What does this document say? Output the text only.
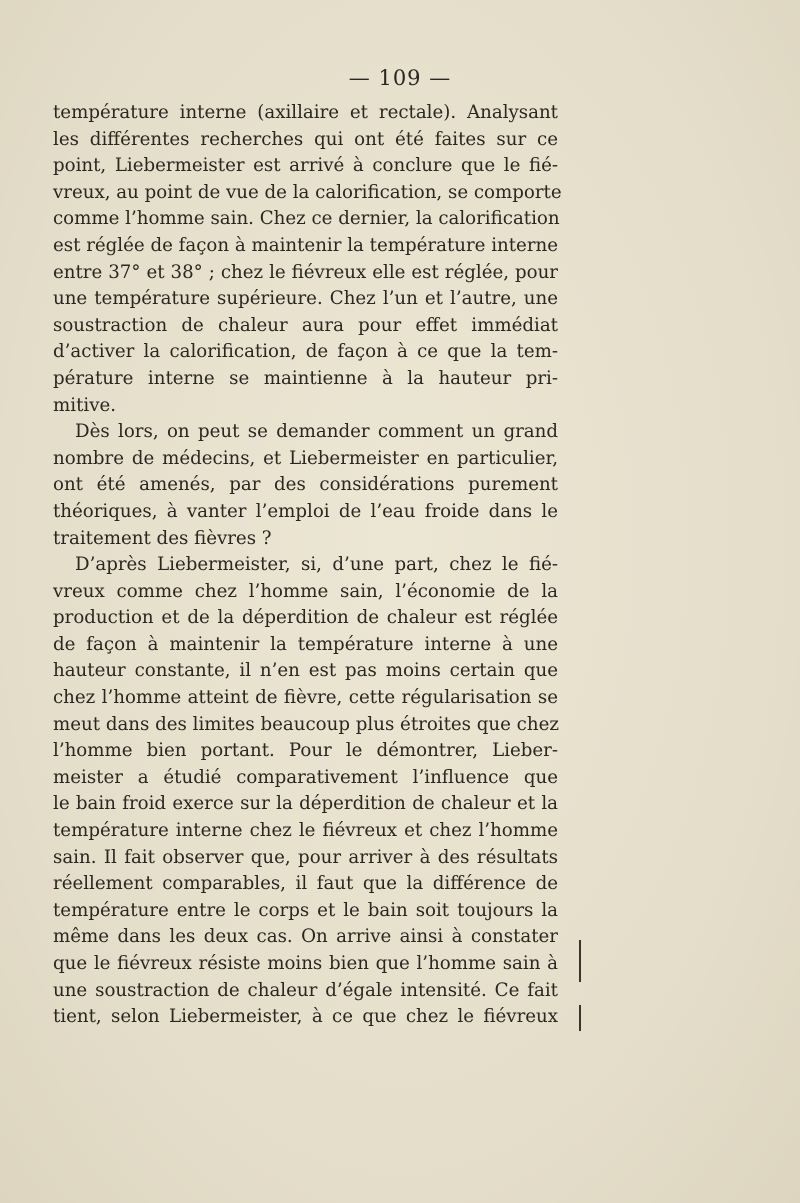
— 109 —
température interne (axillaire et rectale). Analysant
les différentes recherches qui ont été faites sur ce
point, Liebermeister est arrivé à conclure que le fié-
vreux, au point de vue de la calorification, se comporte
comme l’homme sain. Chez ce dernier, la calorification
est réglée de façon à maintenir la température interne
entre 37° et 38° ; chez le fiévreux elle est réglée, pour
une température supérieure. Chez l’un et l’autre, une
soustraction de chaleur aura pour effet immédiat
d’activer la calorification, de façon à ce que la tem-
pérature interne se maintienne à la hauteur pri-
mitive.
Dès lors, on peut se demander comment un grand
nombre de médecins, et Liebermeister en particulier,
ont été amenés, par des considérations purement
théoriques, à vanter l’emploi de l’eau froide dans le
traitement des fièvres ?
D’après Liebermeister, si, d’une part, chez le fié-
vreux comme chez l’homme sain, l’économie de la
production et de la déperdition de chaleur est réglée
de façon à maintenir la température interne à une
hauteur constante, il n’en est pas moins certain que
chez l’homme atteint de fièvre, cette régularisation se
meut dans des limites beaucoup plus étroites que chez
l’homme bien portant. Pour le démontrer, Lieber-
meister a étudié comparativement l’influence que
le bain froid exerce sur la déperdition de chaleur et la
température interne chez le fiévreux et chez l’homme
sain. Il fait observer que, pour arriver à des résultats
réellement comparables, il faut que la différence de
température entre le corps et le bain soit toujours la
même dans les deux cas. On arrive ainsi à constater
que le fiévreux résiste moins bien que l’homme sain à
une soustraction de chaleur d’égale intensité. Ce fait
tient, selon Liebermeister, à ce que chez le fiévreux
